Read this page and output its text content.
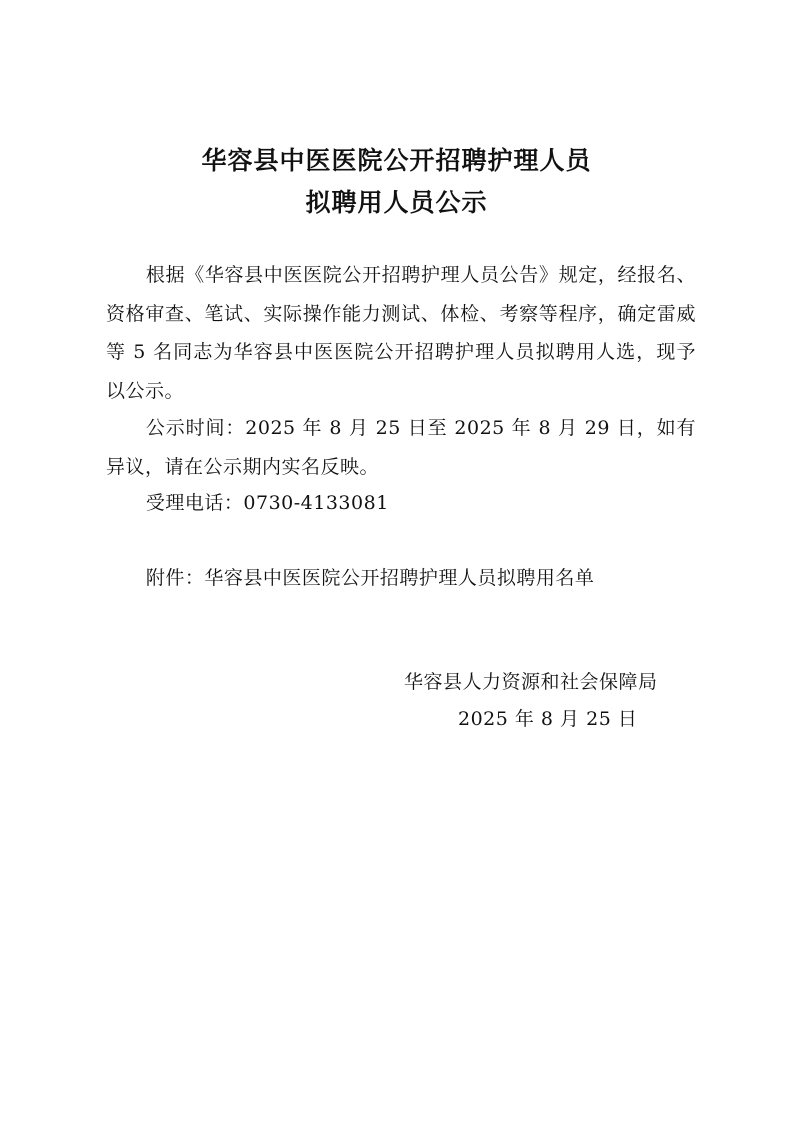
华容县中医医院公开招聘护理人员
拟聘用人员公示

根据《华容县中医医院公开招聘护理人员公告》规定，经报名、资格审查、笔试、实际操作能力测试、体检、考察等程序，确定雷威等 5 名同志为华容县中医医院公开招聘护理人员拟聘用人选，现予以公示。

公示时间：2025 年 8 月 25 日至 2025 年 8 月 29 日，如有异议，请在公示期内实名反映。

受理电话：0730-4133081

附件：华容县中医医院公开招聘护理人员拟聘用名单

华容县人力资源和社会保障局
2025 年 8 月 25 日
